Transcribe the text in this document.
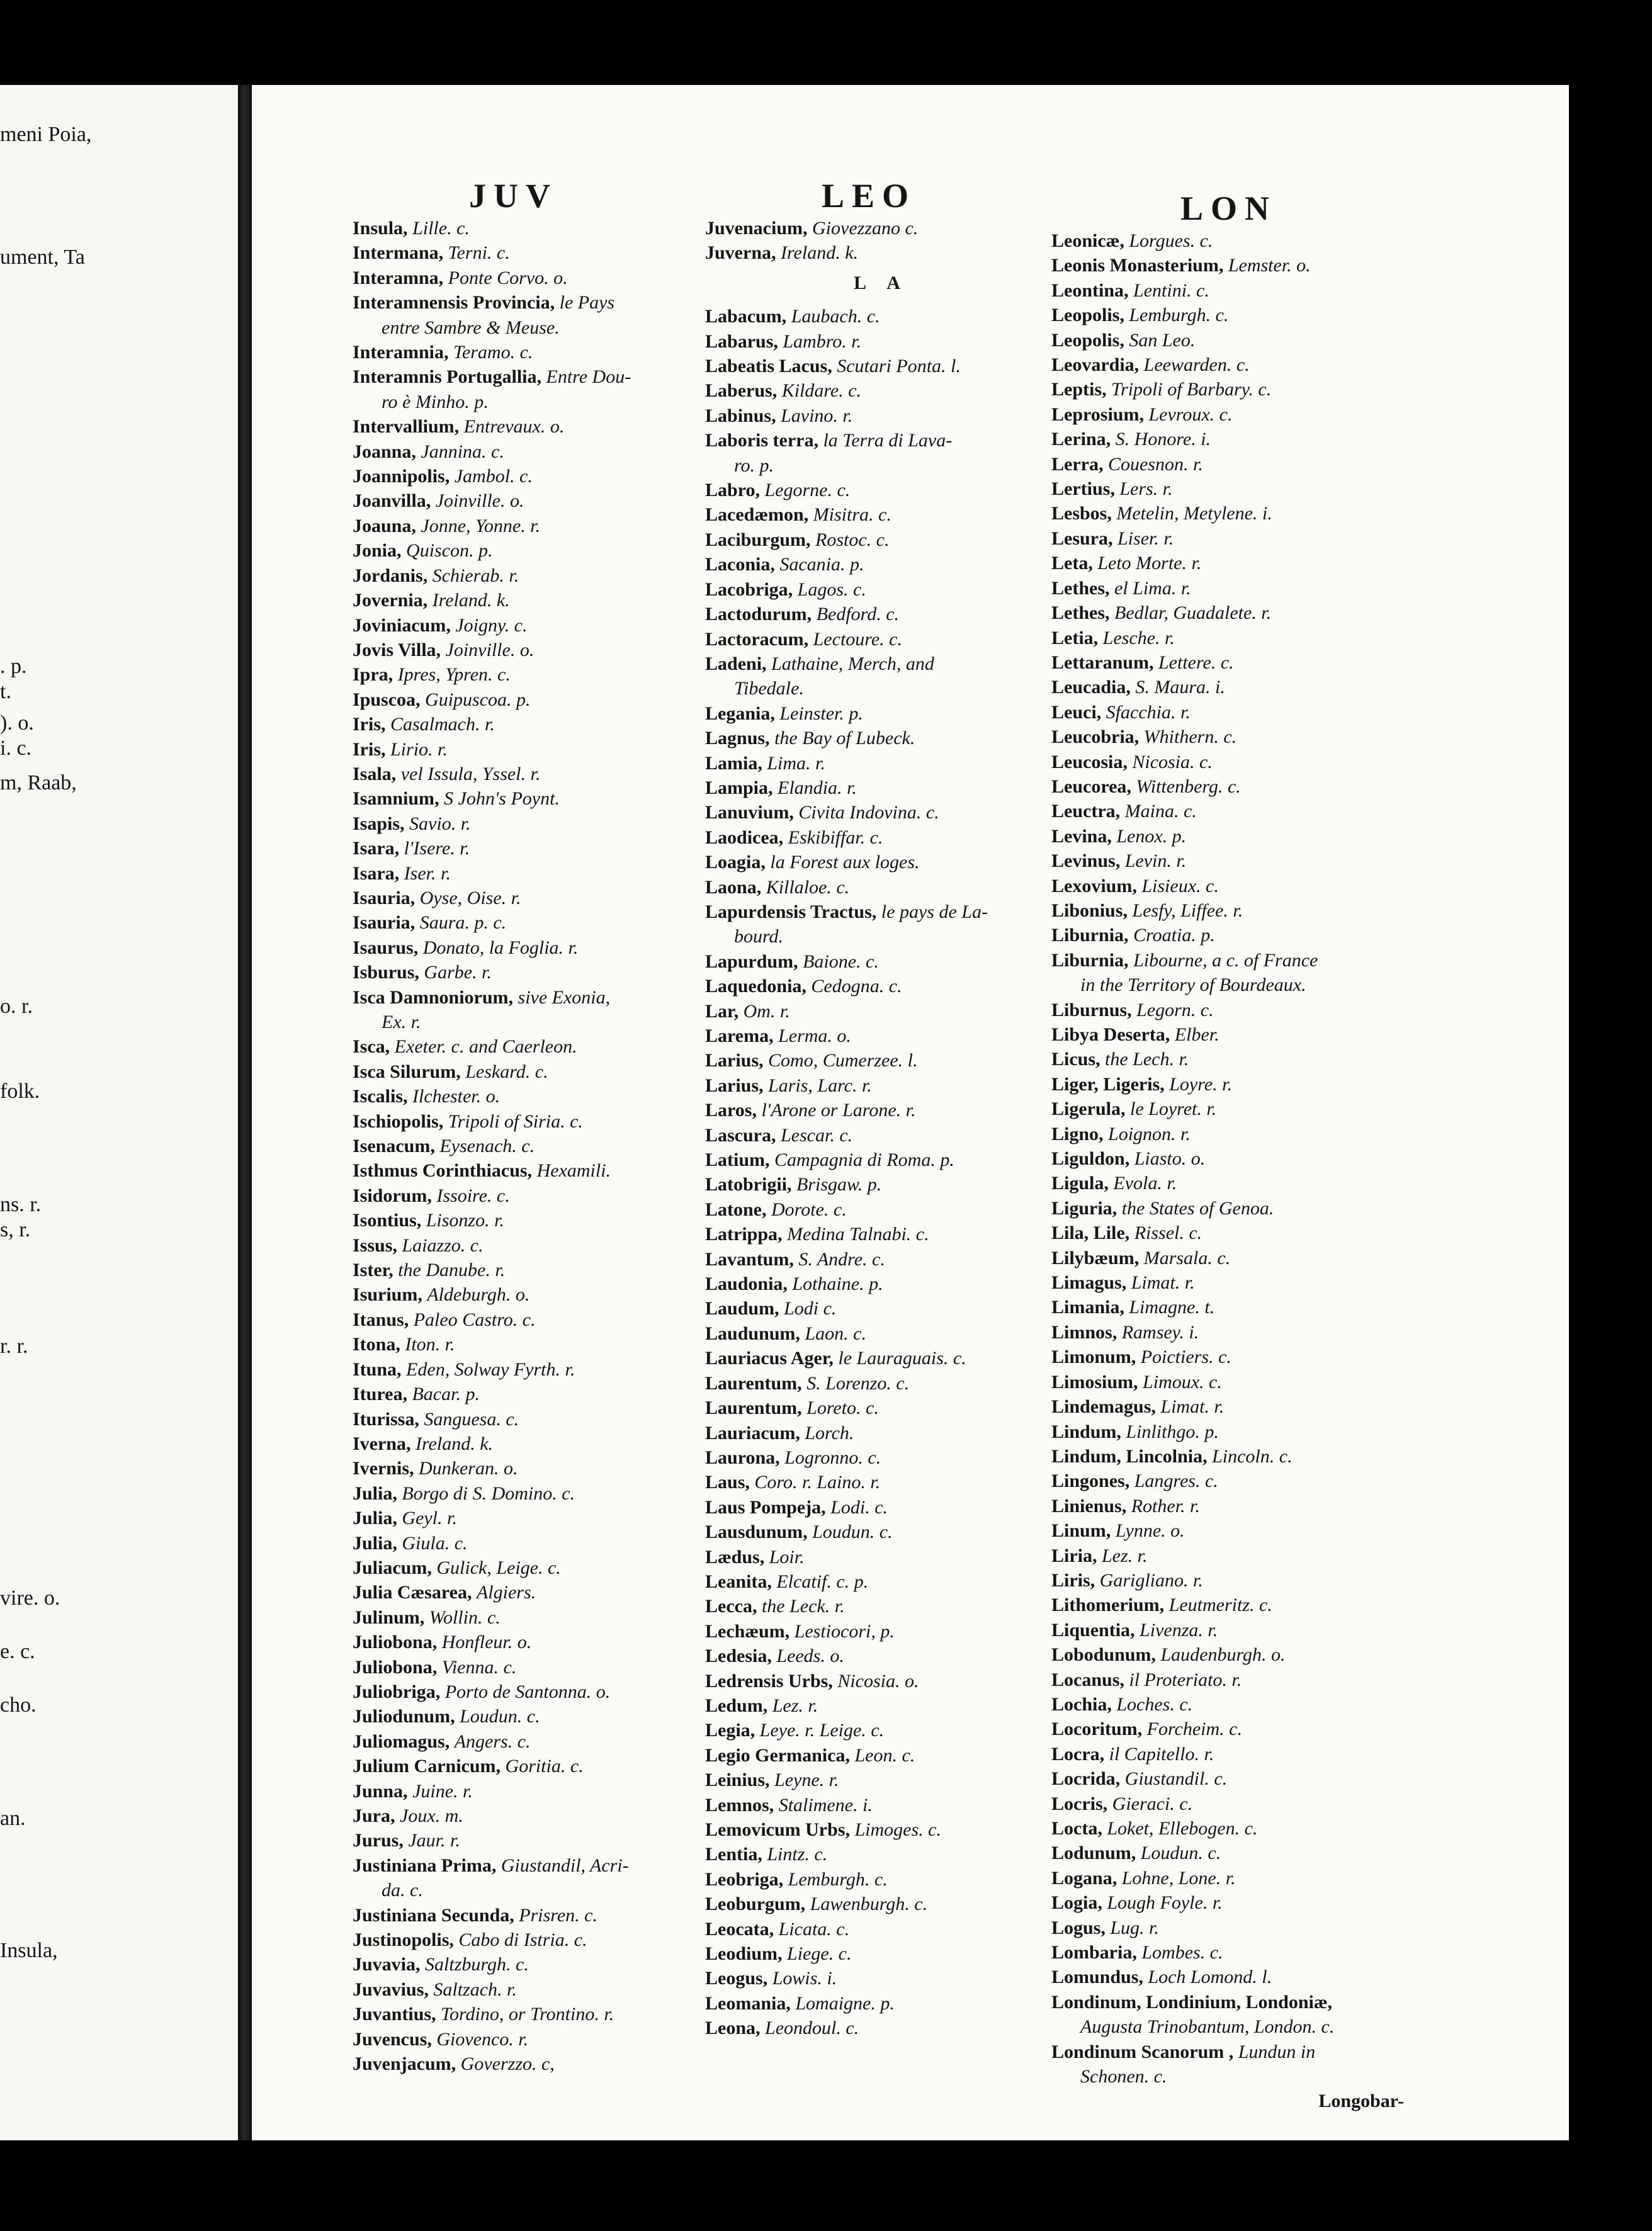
meni Poia,
ument, Ta
. p.
t.
). o.
i. c.
m, Raab,
o. r.
folk.
ns. r.
s, r.
r. r.
vire. o.
e. c.
cho.
an.
Insula,
JUV	LEO	LON
Insula, Lille. c.
Intermana, Terni. c.
Interamna, Ponte Corvo. o.
Interamnensis Provincia, le Pays
entre Sambre & Meuse.
Interamnia, Teramo. c.
Interamnis Portugallia, Entre Dou-
ro è Minho. p.
Intervallium, Entrevaux. o.
Joanna, Jannina. c.
Joannipolis, Jambol. c.
Joanvilla, Joinville. o.
Joauna, Jonne, Yonne. r.
Jonia, Quiscon. p.
Jordanis, Schierab. r.
Jovernia, Ireland. k.
Joviniacum, Joigny. c.
Jovis Villa, Joinville. o.
Ipra, Ipres, Ypren. c.
Ipuscoa, Guipuscoa. p.
Iris, Casalmach. r.
Iris, Lirio. r.
Isala, vel Issula, Yssel. r.
Isamnium, S John's Poynt.
Isapis, Savio. r.
Isara, l'Isere. r.
Isara, Iser. r.
Isauria, Oyse, Oise. r.
Isauria, Saura. p. c.
Isaurus, Donato, la Foglia. r.
Isburus, Garbe. r.
Isca Damnoniorum, sive Exonia,
Ex. r.
Isca, Exeter. c. and Caerleon.
Isca Silurum, Leskard. c.
Iscalis, Ilchester. o.
Ischiopolis, Tripoli of Siria. c.
Isenacum, Eysenach. c.
Isthmus Corinthiacus, Hexamili.
Isidorum, Issoire. c.
Isontius, Lisonzo. r.
Issus, Laiazzo. c.
Ister, the Danube. r.
Isurium, Aldeburgh. o.
Itanus, Paleo Castro. c.
Itona, Iton. r.
Ituna, Eden, Solway Fyrth. r.
Iturea, Bacar. p.
Iturissa, Sanguesa. c.
Iverna, Ireland. k.
Ivernis, Dunkeran. o.
Julia, Borgo di S. Domino. c.
Julia, Geyl. r.
Julia, Giula. c.
Juliacum, Gulick, Leige. c.
Julia Cæsarea, Algiers.
Julinum, Wollin. c.
Juliobona, Honfleur. o.
Juliobona, Vienna. c.
Juliobriga, Porto de Santonna. o.
Juliodunum, Loudun. c.
Juliomagus, Angers. c.
Julium Carnicum, Goritia. c.
Junna, Juine. r.
Jura, Joux. m.
Jurus, Jaur. r.
Justiniana Prima, Giustandil, Acri-
da. c.
Justiniana Secunda, Prisren. c.
Justinopolis, Cabo di Istria. c.
Juvavia, Saltzburgh. c.
Juvavius, Saltzach. r.
Juvantius, Tordino, or Trontino. r.
Juvencus, Giovenco. r.
Juvenjacum, Goverzzo. c,
Juvenacium, Giovezzano c.
Juverna, Ireland. k.
L A
Labacum, Laubach. c.
Labarus, Lambro. r.
Labeatis Lacus, Scutari Ponta. l.
Laberus, Kildare. c.
Labinus, Lavino. r.
Laboris terra, la Terra di Lava-
ro. p.
Labro, Legorne. c.
Lacedæmon, Misitra. c.
Laciburgum, Rostoc. c.
Laconia, Sacania. p.
Lacobriga, Lagos. c.
Lactodurum, Bedford. c.
Lactoracum, Lectoure. c.
Ladeni, Lathaine, Merch, and
Tibedale.
Legania, Leinster. p.
Lagnus, the Bay of Lubeck.
Lamia, Lima. r.
Lampia, Elandia. r.
Lanuvium, Civita Indovina. c.
Laodicea, Eskibiffar. c.
Loagia, la Forest aux loges.
Laona, Killaloe. c.
Lapurdensis Tractus, le pays de La-
bourd.
Lapurdum, Baione. c.
Laquedonia, Cedogna. c.
Lar, Om. r.
Larema, Lerma. o.
Larius, Como, Cumerzee. l.
Larius, Laris, Larc. r.
Laros, l'Arone or Larone. r.
Lascura, Lescar. c.
Latium, Campagnia di Roma. p.
Latobrigii, Brisgaw. p.
Latone, Dorote. c.
Latrippa, Medina Talnabi. c.
Lavantum, S. Andre. c.
Laudonia, Lothaine. p.
Laudum, Lodi c.
Laudunum, Laon. c.
Lauriacus Ager, le Lauraguais. c.
Laurentum, S. Lorenzo. c.
Laurentum, Loreto. c.
Lauriacum, Lorch.
Laurona, Logronno. c.
Laus, Coro. r. Laino. r.
Laus Pompeja, Lodi. c.
Lausdunum, Loudun. c.
Lædus, Loir.
Leanita, Elcatif. c. p.
Lecca, the Leck. r.
Lechæum, Lestiocori, p.
Ledesia, Leeds. o.
Ledrensis Urbs, Nicosia. o.
Ledum, Lez. r.
Legia, Leye. r. Leige. c.
Legio Germanica, Leon. c.
Leinius, Leyne. r.
Lemnos, Stalimene. i.
Lemovicum Urbs, Limoges. c.
Lentia, Lintz. c.
Leobriga, Lemburgh. c.
Leoburgum, Lawenburgh. c.
Leocata, Licata. c.
Leodium, Liege. c.
Leogus, Lowis. i.
Leomania, Lomaigne. p.
Leona, Leondoul. c.
Leonicæ, Lorgues. c.
Leonis Monasterium, Lemster. o.
Leontina, Lentini. c.
Leopolis, Lemburgh. c.
Leopolis, San Leo.
Leovardia, Leewarden. c.
Leptis, Tripoli of Barbary. c.
Leprosium, Levroux. c.
Lerina, S. Honore. i.
Lerra, Couesnon. r.
Lertius, Lers. r.
Lesbos, Metelin, Metylene. i.
Lesura, Liser. r.
Leta, Leto Morte. r.
Lethes, el Lima. r.
Lethes, Bedlar, Guadalete. r.
Letia, Lesche. r.
Lettaranum, Lettere. c.
Leucadia, S. Maura. i.
Leuci, Sfacchia. r.
Leucobria, Whithern. c.
Leucosia, Nicosia. c.
Leucorea, Wittenberg. c.
Leuctra, Maina. c.
Levina, Lenox. p.
Levinus, Levin. r.
Lexovium, Lisieux. c.
Libonius, Lesfy, Liffee. r.
Liburnia, Croatia. p.
Liburnia, Libourne, a c. of France
in the Territory of Bourdeaux.
Liburnus, Legorn. c.
Libya Deserta, Elber.
Licus, the Lech. r.
Liger, Ligeris, Loyre. r.
Ligerula, le Loyret. r.
Ligno, Loignon. r.
Liguldon, Liasto. o.
Ligula, Evola. r.
Liguria, the States of Genoa.
Lila, Lile, Rissel. c.
Lilybæum, Marsala. c.
Limagus, Limat. r.
Limania, Limagne. t.
Limnos, Ramsey. i.
Limonum, Poictiers. c.
Limosium, Limoux. c.
Lindemagus, Limat. r.
Lindum, Linlithgo. p.
Lindum, Lincolnia, Lincoln. c.
Lingones, Langres. c.
Linienus, Rother. r.
Linum, Lynne. o.
Liria, Lez. r.
Liris, Garigliano. r.
Lithomerium, Leutmeritz. c.
Liquentia, Livenza. r.
Lobodunum, Laudenburgh. o.
Locanus, il Proteriato. r.
Lochia, Loches. c.
Locoritum, Forcheim. c.
Locra, il Capitello. r.
Locrida, Giustandil. c.
Locris, Gieraci. c.
Locta, Loket, Ellebogen. c.
Lodunum, Loudun. c.
Logana, Lohne, Lone. r.
Logia, Lough Foyle. r.
Logus, Lug. r.
Lombaria, Lombes. c.
Lomundus, Loch Lomond. l.
Londinum, Londinium, Londoniæ,
Augusta Trinobantum, London. c.
Londinum Scanorum , Lundun in
Schonen. c.
Longobar-
